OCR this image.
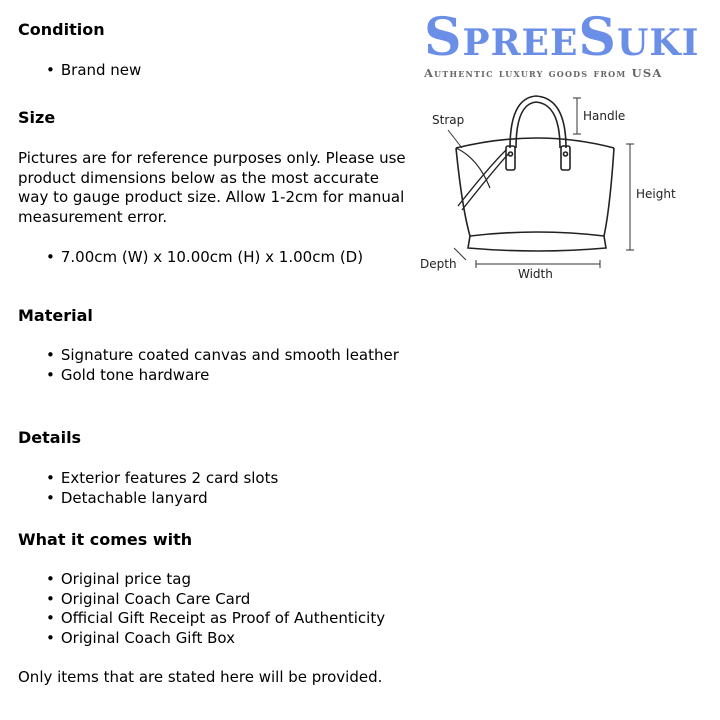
Condition
• Brand new
Size

Pictures are for reference purposes only. Please use product dimensions below as the most accurate way to gauge product size. Allow 1-2cm for manual measurement error.

• 7.00cm (W) x 10.00cm (H) x 1.00cm (D)
Material
• Signature coated canvas and smooth leather
• Gold tone hardware
Details
• Exterior features 2 card slots
• Detachable lanyard
What it comes with
• Original price tag
• Original Coach Care Card
• Official Gift Receipt as Proof of Authenticity
• Original Coach Gift Box

Only items that are stated here will be provided.

SpreeSuki
Authentic luxury goods from USA
Strap	Handle
Height
Depth
Width
